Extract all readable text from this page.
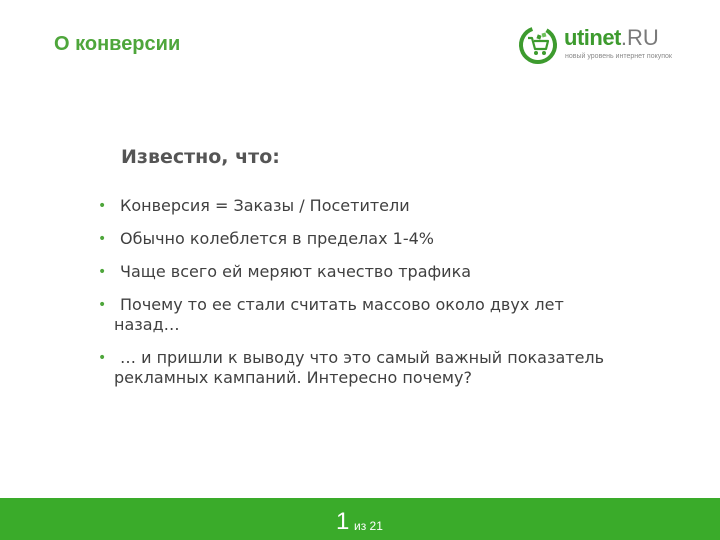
О конверсии	utinet.RU
новый уровень интернет покупок
Известно, что:
• Конверсия = Заказы / Посетители
• Обычно колеблется в пределах 1-4%
• Чаще всего ей меряют качество трафика
• Почему то ее стали считать массово около двух лет назад…
• … и пришли к выводу что это самый важный показатель рекламных кампаний. Интересно почему?
1 из 21
